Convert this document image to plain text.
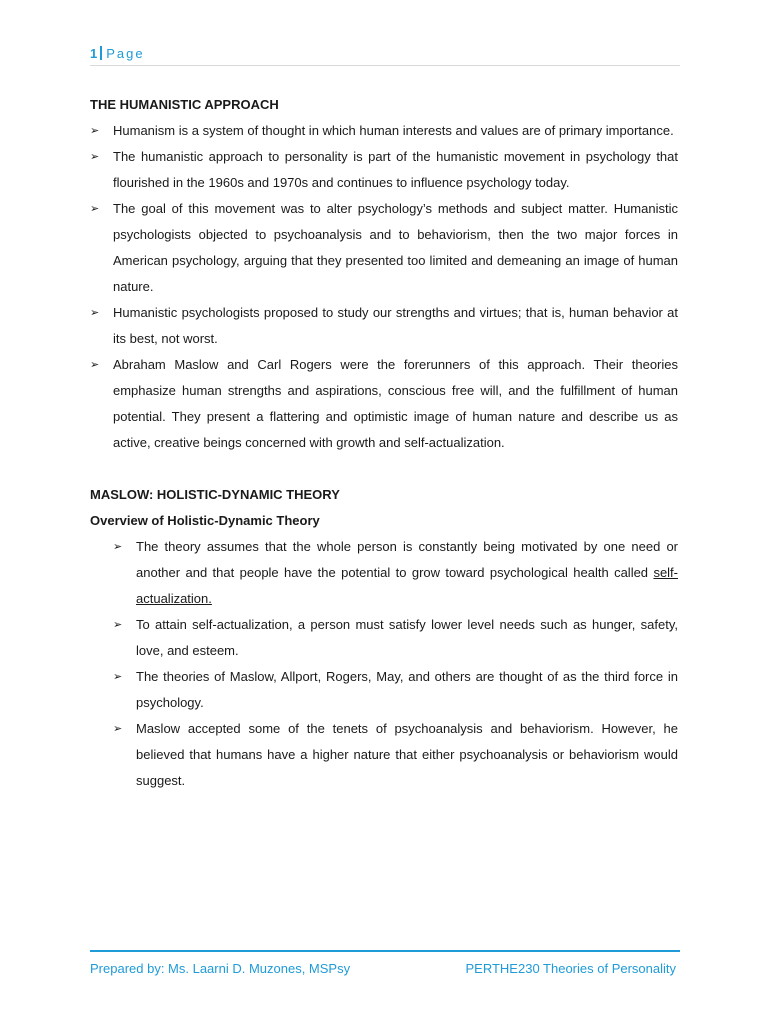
1 Page

THE HUMANISTIC APPROACH

➢ Humanism is a system of thought in which human interests and values are of primary importance.
➢ The humanistic approach to personality is part of the humanistic movement in psychology that flourished in the 1960s and 1970s and continues to influence psychology today.
➢ The goal of this movement was to alter psychology’s methods and subject matter. Humanistic psychologists objected to psychoanalysis and to behaviorism, then the two major forces in American psychology, arguing that they presented too limited and demeaning an image of human nature.
➢ Humanistic psychologists proposed to study our strengths and virtues; that is, human behavior at its best, not worst.
➢ Abraham Maslow and Carl Rogers were the forerunners of this approach. Their theories emphasize human strengths and aspirations, conscious free will, and the fulfillment of human potential. They present a flattering and optimistic image of human nature and describe us as active, creative beings concerned with growth and self-actualization.

MASLOW: HOLISTIC-DYNAMIC THEORY

Overview of Holistic-Dynamic Theory

➢ The theory assumes that the whole person is constantly being motivated by one need or another and that people have the potential to grow toward psychological health called self-actualization.
➢ To attain self-actualization, a person must satisfy lower level needs such as hunger, safety, love, and esteem.
➢ The theories of Maslow, Allport, Rogers, May, and others are thought of as the third force in psychology.
➢ Maslow accepted some of the tenets of psychoanalysis and behaviorism. However, he believed that humans have a higher nature that either psychoanalysis or behaviorism would suggest.
Prepared by: Ms. Laarni D. Muzones, MSPsy	PERTHE230 Theories of Personality
